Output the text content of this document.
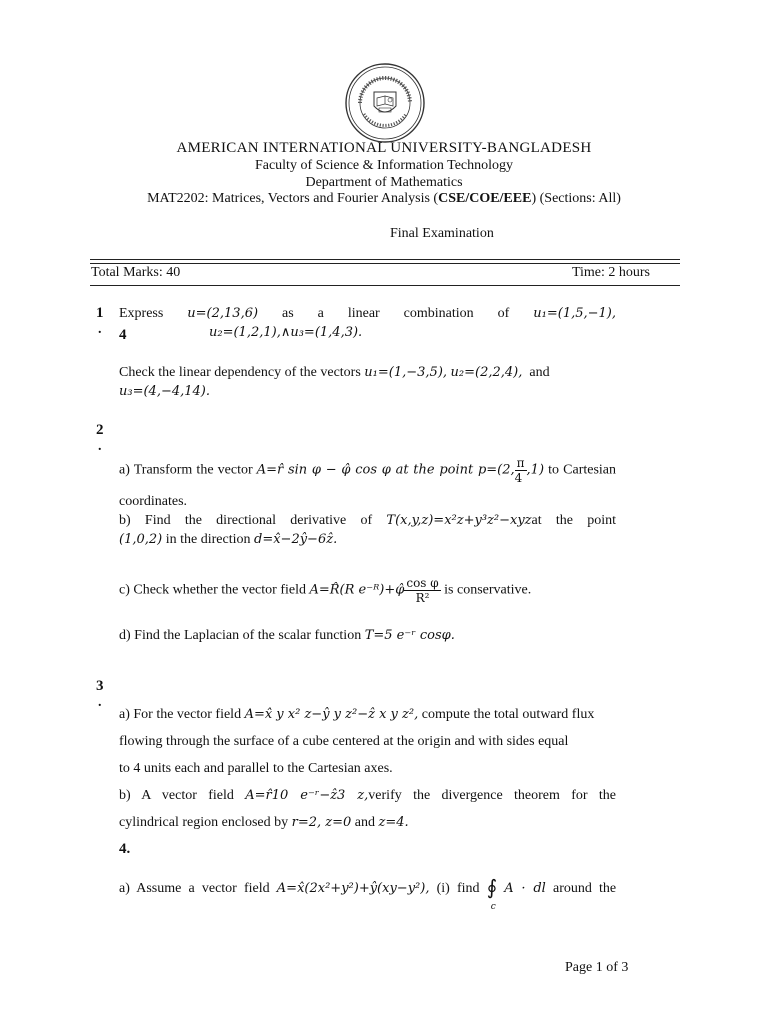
AMERICAN INTERNATIONAL UNIVERSITY-BANGLADESH
Faculty of Science & Information Technology
Department of Mathematics
MAT2202: Matrices, Vectors and Fourier Analysis (CSE/COE/EEE) (Sections: All)
Final Examination
Total Marks: 40	Time: 2 hours
1
. 4
Express u=(2,13,6) as a linear combination of u₁=(1,5,−1),
u₂=(1,2,1),∧u₃=(1,4,3).
Check the linear dependency of the vectors u₁=(1,−3,5), u₂=(2,2,4), and
u₃=(4,−4,14).
2
.
a) Transform the vector A=r̂ sin φ − φ̂ cos φ at the point p=(2, $\frac{\pi}{4} ,1$) to Cartesian
coordinates.
b) Find the directional derivative of T(x,y,z)=x²z+y³z²−xyzat the point
(1,0,2) in the direction d=x̂−2ŷ−6ẑ.
c) Check whether the vector field A=R̂(R e⁻ᴿ)+φ̂ $\frac{\text{cos φ}}{\text{R²}}$ is conservative.
d) Find the Laplacian of the scalar function T=5 e⁻ʳ cosφ.
3
.
a) For the vector field A=x̂ y x² z−ŷ y z²−ẑ x y z², compute the total outward flux
flowing through the surface of a cube centered at the origin and with sides equal
to 4 units each and parallel to the Cartesian axes.
b) A vector field A=r̂10 e⁻ʳ−ẑ3 z,verify the divergence theorem for the
cylindrical region enclosed by r=2, z=0 and z=4.
4.
a) Assume a vector field A=x̂(2x²+y²)+ŷ(xy−y²), (i) find ∮
c
A · dl around the
Page 1 of 3
